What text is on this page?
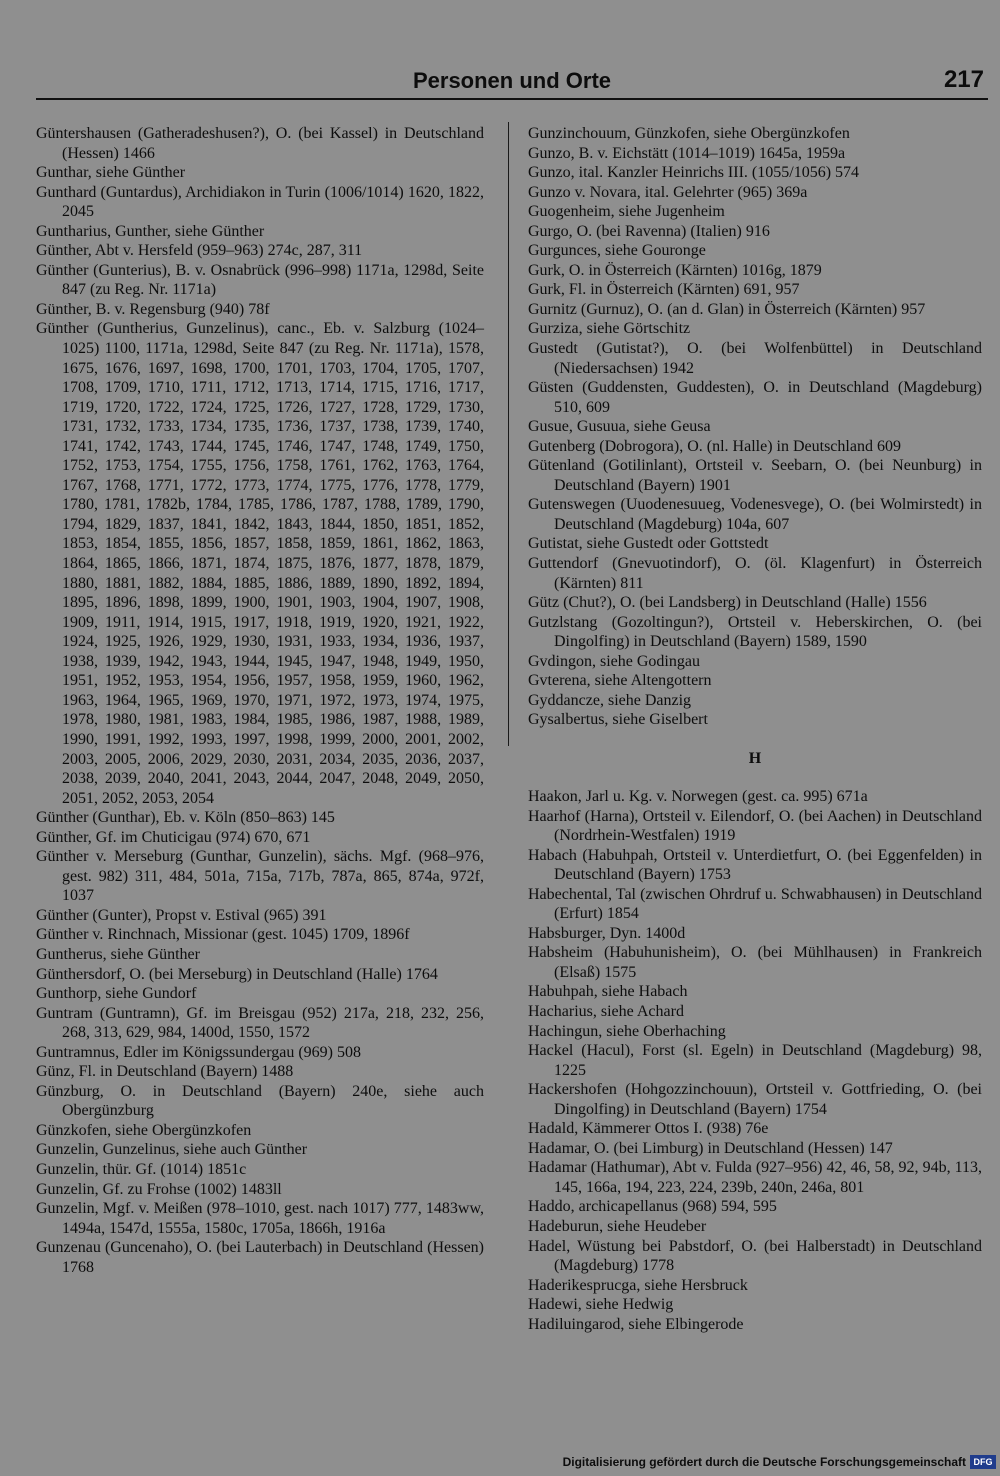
Personen und Orte	217
Güntershausen (Gatheradeshusen?), O. (bei Kassel) in Deutschland (Hessen) 1466
Gunthar, siehe Günther
Gunthard (Guntardus), Archidiakon in Turin (1006/1014) 1620, 1822, 2045
Guntharius, Gunther, siehe Günther
Günther, Abt v. Hersfeld (959–963) 274c, 287, 311
Günther (Gunterius), B. v. Osnabrück (996–998) 1171a, 1298d, Seite 847 (zu Reg. Nr. 1171a)
Günther, B. v. Regensburg (940) 78f
Günther (Guntherius, Gunzelinus), canc., Eb. v. Salzburg (1024–1025) 1100, 1171a, 1298d, Seite 847 (zu Reg. Nr. 1171a), 1578, 1675, 1676, 1697, 1698, 1700, 1701, 1703, 1704, 1705, 1707, 1708, 1709, 1710, 1711, 1712, 1713, 1714, 1715, 1716, 1717, 1719, 1720, 1722, 1724, 1725, 1726, 1727, 1728, 1729, 1730, 1731, 1732, 1733, 1734, 1735, 1736, 1737, 1738, 1739, 1740, 1741, 1742, 1743, 1744, 1745, 1746, 1747, 1748, 1749, 1750, 1752, 1753, 1754, 1755, 1756, 1758, 1761, 1762, 1763, 1764, 1767, 1768, 1771, 1772, 1773, 1774, 1775, 1776, 1778, 1779, 1780, 1781, 1782b, 1784, 1785, 1786, 1787, 1788, 1789, 1790, 1794, 1829, 1837, 1841, 1842, 1843, 1844, 1850, 1851, 1852, 1853, 1854, 1855, 1856, 1857, 1858, 1859, 1861, 1862, 1863, 1864, 1865, 1866, 1871, 1874, 1875, 1876, 1877, 1878, 1879, 1880, 1881, 1882, 1884, 1885, 1886, 1889, 1890, 1892, 1894, 1895, 1896, 1898, 1899, 1900, 1901, 1903, 1904, 1907, 1908, 1909, 1911, 1914, 1915, 1917, 1918, 1919, 1920, 1921, 1922, 1924, 1925, 1926, 1929, 1930, 1931, 1933, 1934, 1936, 1937, 1938, 1939, 1942, 1943, 1944, 1945, 1947, 1948, 1949, 1950, 1951, 1952, 1953, 1954, 1956, 1957, 1958, 1959, 1960, 1962, 1963, 1964, 1965, 1969, 1970, 1971, 1972, 1973, 1974, 1975, 1978, 1980, 1981, 1983, 1984, 1985, 1986, 1987, 1988, 1989, 1990, 1991, 1992, 1993, 1997, 1998, 1999, 2000, 2001, 2002, 2003, 2005, 2006, 2029, 2030, 2031, 2034, 2035, 2036, 2037, 2038, 2039, 2040, 2041, 2043, 2044, 2047, 2048, 2049, 2050, 2051, 2052, 2053, 2054
Günther (Gunthar), Eb. v. Köln (850–863) 145
Günther, Gf. im Chuticigau (974) 670, 671
Günther v. Merseburg (Gunthar, Gunzelin), sächs. Mgf. (968–976, gest. 982) 311, 484, 501a, 715a, 717b, 787a, 865, 874a, 972f, 1037
Günther (Gunter), Propst v. Estival (965) 391
Günther v. Rinchnach, Missionar (gest. 1045) 1709, 1896f
Guntherus, siehe Günther
Günthersdorf, O. (bei Merseburg) in Deutschland (Halle) 1764
Gunthorp, siehe Gundorf
Guntram (Guntramn), Gf. im Breisgau (952) 217a, 218, 232, 256, 268, 313, 629, 984, 1400d, 1550, 1572
Guntramnus, Edler im Königssundergau (969) 508
Günz, Fl. in Deutschland (Bayern) 1488
Günzburg, O. in Deutschland (Bayern) 240e, siehe auch Obergünzburg
Günzkofen, siehe Obergünzkofen
Gunzelin, Gunzelinus, siehe auch Günther
Gunzelin, thür. Gf. (1014) 1851c
Gunzelin, Gf. zu Frohse (1002) 1483ll
Gunzelin, Mgf. v. Meißen (978–1010, gest. nach 1017) 777, 1483ww, 1494a, 1547d, 1555a, 1580c, 1705a, 1866h, 1916a
Gunzenau (Guncenaho), O. (bei Lauterbach) in Deutschland (Hessen) 1768
Gunzinchouum, Günzkofen, siehe Obergünzkofen
Gunzo, B. v. Eichstätt (1014–1019) 1645a, 1959a
Gunzo, ital. Kanzler Heinrichs III. (1055/1056) 574
Gunzo v. Novara, ital. Gelehrter (965) 369a
Guogenheim, siehe Jugenheim
Gurgo, O. (bei Ravenna) (Italien) 916
Gurgunces, siehe Gouronge
Gurk, O. in Österreich (Kärnten) 1016g, 1879
Gurk, Fl. in Österreich (Kärnten) 691, 957
Gurnitz (Gurnuz), O. (an d. Glan) in Österreich (Kärnten) 957
Gurziza, siehe Görtschitz
Gustedt (Gutistat?), O. (bei Wolfenbüttel) in Deutschland (Niedersachsen) 1942
Güsten (Guddensten, Guddesten), O. in Deutschland (Magdeburg) 510, 609
Gusue, Gusuua, siehe Geusa
Gutenberg (Dobrogora), O. (nl. Halle) in Deutschland 609
Gütenland (Gotilinlant), Ortsteil v. Seebarn, O. (bei Neunburg) in Deutschland (Bayern) 1901
Gutenswegen (Uuodenesuueg, Vodenesvege), O. (bei Wolmirstedt) in Deutschland (Magdeburg) 104a, 607
Gutistat, siehe Gustedt oder Gottstedt
Guttendorf (Gnevuotindorf), O. (öl. Klagenfurt) in Österreich (Kärnten) 811
Gütz (Chut?), O. (bei Landsberg) in Deutschland (Halle) 1556
Gutzlstang (Gozoltingun?), Ortsteil v. Heberskirchen, O. (bei Dingolfing) in Deutschland (Bayern) 1589, 1590
Gvdingon, siehe Godingau
Gvterena, siehe Altengottern
Gyddancze, siehe Danzig
Gysalbertus, siehe Giselbert
H
Haakon, Jarl u. Kg. v. Norwegen (gest. ca. 995) 671a
Haarhof (Harna), Ortsteil v. Eilendorf, O. (bei Aachen) in Deutschland (Nordrhein-Westfalen) 1919
Habach (Habuhpah, Ortsteil v. Unterdietfurt, O. (bei Eggenfelden) in Deutschland (Bayern) 1753
Habechental, Tal (zwischen Ohrdruf u. Schwabhausen) in Deutschland (Erfurt) 1854
Habsburger, Dyn. 1400d
Habsheim (Habuhunisheim), O. (bei Mühlhausen) in Frankreich (Elsaß) 1575
Habuhpah, siehe Habach
Hacharius, siehe Achard
Hachingun, siehe Oberhaching
Hackel (Hacul), Forst (sl. Egeln) in Deutschland (Magdeburg) 98, 1225
Hackershofen (Hohgozzinchouun), Ortsteil v. Gottfrieding, O. (bei Dingolfing) in Deutschland (Bayern) 1754
Hadald, Kämmerer Ottos I. (938) 76e
Hadamar, O. (bei Limburg) in Deutschland (Hessen) 147
Hadamar (Hathumar), Abt v. Fulda (927–956) 42, 46, 58, 92, 94b, 113, 145, 166a, 194, 223, 224, 239b, 240n, 246a, 801
Haddo, archicapellanus (968) 594, 595
Hadeburun, siehe Heudeber
Hadel, Wüstung bei Pabstdorf, O. (bei Halberstadt) in Deutschland (Magdeburg) 1778
Haderikesprucga, siehe Hersbruck
Hadewi, siehe Hedwig
Hadiluingarod, siehe Elbingerode
Digitalisierung gefördert durch die Deutsche Forschungsgemeinschaft DFG
